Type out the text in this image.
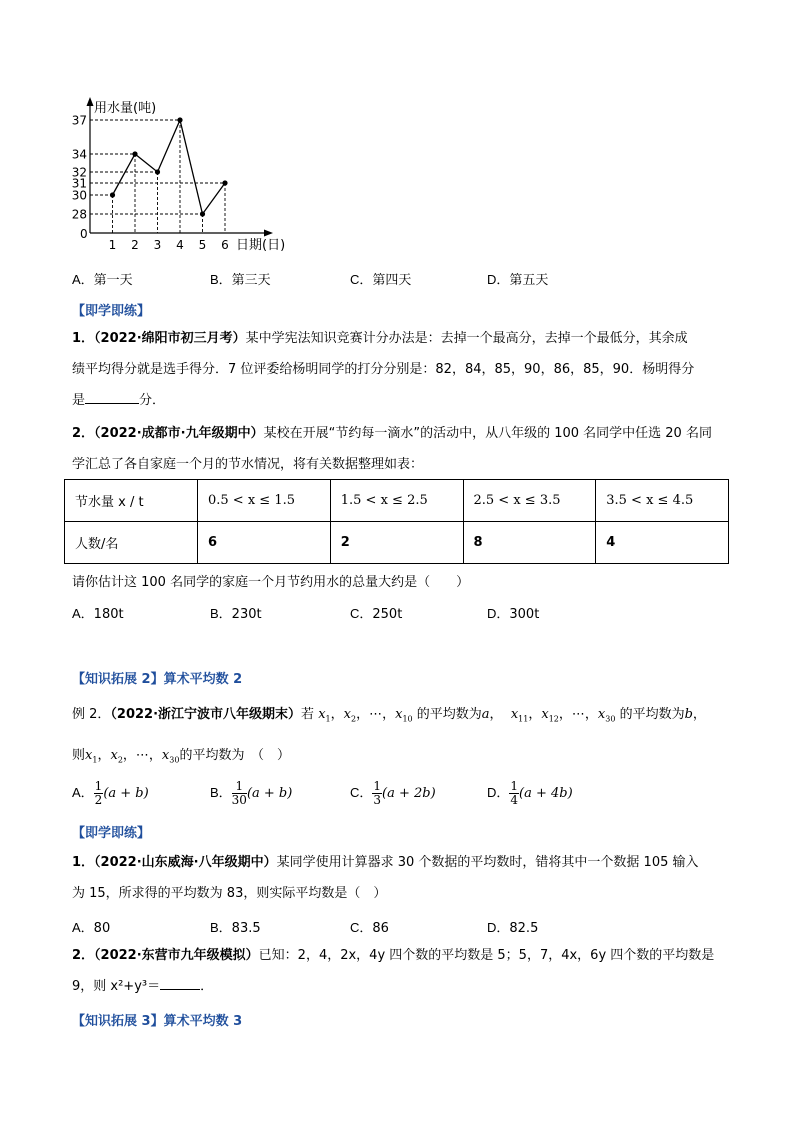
用水量(吨)
日期(日)
0
1 2 3 4 5 6
37
34
32
31
30
28
A．第一天	B．第三天	C．第四天	D．第五天
【即学即练】
1．（2022·绵阳市初三月考）某中学宪法知识竞赛计分办法是：去掉一个最高分，去掉一个最低分，其余成
绩平均得分就是选手得分．7 位评委给杨明同学的打分分别是：82，84，85，90，86，85，90．杨明得分
是	分．
2．（2022·成都市·九年级期中）某校在开展“节约每一滴水”的活动中，从八年级的 100 名同学中任选 20 名同
学汇总了各自家庭一个月的节水情况，将有关数据整理如表：
节水量 x / t	0.5 < x ≤ 1.5	1.5 < x ≤ 2.5	2.5 < x ≤ 3.5	3.5 < x ≤ 4.5
人数/名	6	2	8	4
请你估计这 100 名同学的家庭一个月节约用水的总量大约是（　　）
A．180t	B．230t	C．250t	D．300t
【知识拓展 2】算术平均数 2
例 2．（2022·浙江宁波市八年级期末）若 $x_1$，$x_2$，⋯，$x_{10}$ 的平均数为a，  $x_{11}$，$x_{12}$，⋯，$x_{30}$ 的平均数为b，
则$x_1$，$x_2$，⋯，$x_{30}$的平均数为　（　）
A． $\frac{1}{2} (a + b)$	B． $\frac{1}{30} (a + b)$	C． $\frac{1}{3} (a + 2b)$	D． $\frac{1}{4} (a + 4b)$
【即学即练】
1．（2022·山东威海·八年级期中）某同学使用计算器求 30 个数据的平均数时，错将其中一个数据 105 输入
为 15，所求得的平均数为 83，则实际平均数是（　）
A．80	B．83.5	C．86	D．82.5
2．（2022·东营市九年级模拟）已知：2，4，2x，4y 四个数的平均数是 5；5，7，4x，6y 四个数的平均数是
9，则 x²+y³＝	．
【知识拓展 3】算术平均数 3
